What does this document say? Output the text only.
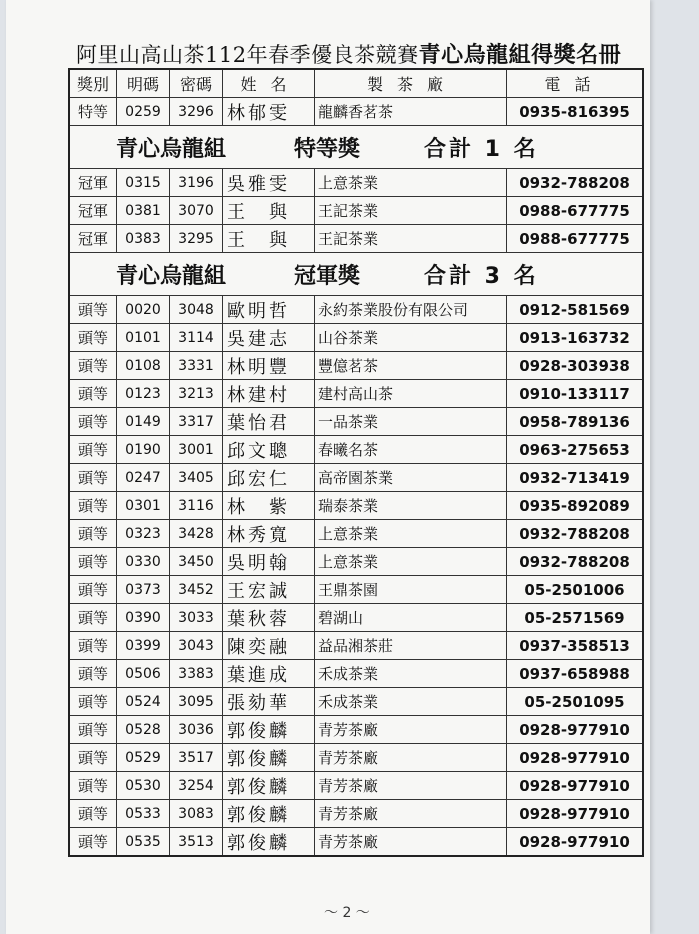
阿里山高山茶112年春季優良茶競賽青心烏龍組得獎名冊
獎別	明碼	密碼	姓名	製茶廠	電話
特等	0259	3296 林郁雯	龍麟香茗茶	0935-816395
青心烏龍組	特等獎	合計 1 名
冠軍	0315	3196 吳雅雯	上意茶業	0932-788208
冠軍	0381	3070 王　與	王記茶業	0988-677775
冠軍	0383	3295 王　與	王記茶業	0988-677775
青心烏龍組	冠軍獎	合計 3 名
頭等	0020	3048 歐明哲	永約茶業股份有限公司	0912-581569
頭等	0101	3114 吳建志	山谷茶業	0913-163732
頭等	0108	3331 林明豐	豐億茗茶	0928-303938
頭等	0123	3213 林建村	建村高山茶	0910-133117
頭等	0149	3317 葉怡君	一品茶業	0958-789136
頭等	0190	3001 邱文聰	春曦名茶	0963-275653
頭等	0247	3405 邱宏仁	高帝園茶業	0932-713419
頭等	0301	3116 林　紫	瑞泰茶業	0935-892089
頭等	0323	3428 林秀寬	上意茶業	0932-788208
頭等	0330	3450 吳明翰	上意茶業	0932-788208
頭等	0373	3452 王宏誠	王鼎茶園	05-2501006
頭等	0390	3033 葉秋蓉	碧湖山	05-2571569
頭等	0399	3043 陳奕融	益品湘茶莊	0937-358513
頭等	0506	3383 葉進成	禾成茶業	0937-658988
頭等	0524	3095 張劾華	禾成茶業	05-2501095
頭等	0528	3036 郭俊麟	青芳茶廠	0928-977910
頭等	0529	3517 郭俊麟	青芳茶廠	0928-977910
頭等	0530	3254 郭俊麟	青芳茶廠	0928-977910
頭等	0533	3083 郭俊麟	青芳茶廠	0928-977910
頭等	0535	3513 郭俊麟	青芳茶廠	0928-977910
～ 2 ～
